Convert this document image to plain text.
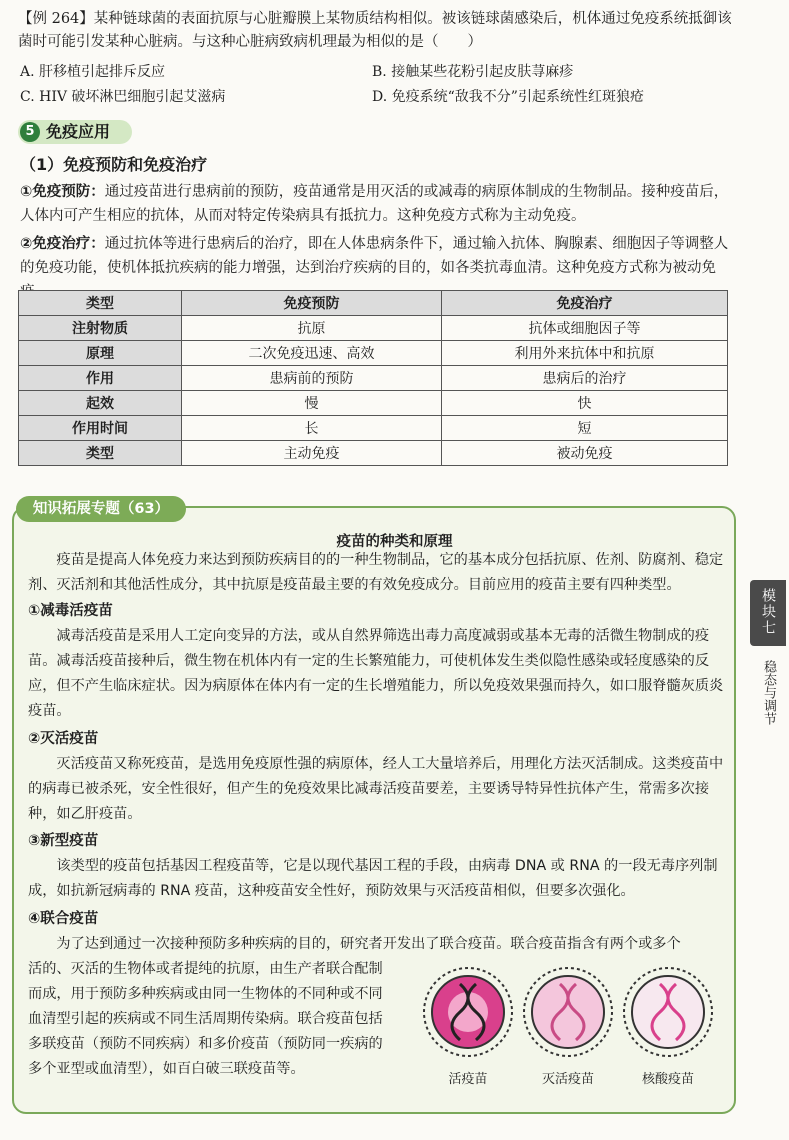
【例 264】某种链球菌的表面抗原与心脏瓣膜上某物质结构相似。被该链球菌感染后，机体通过免疫系统抵御该菌时可能引发某种心脏病。与这种心脏病致病机理最为相似的是（　　）
A. 肝移植引起排斥反应	B. 接触某些花粉引起皮肤荨麻疹
C. HIV 破坏淋巴细胞引起艾滋病	D. 免疫系统“敌我不分”引起系统性红斑狼疮
5 免疫应用
（1）免疫预防和免疫治疗
①免疫预防：通过疫苗进行患病前的预防，疫苗通常是用灭活的或减毒的病原体制成的生物制品。接种疫苗后，人体内可产生相应的抗体，从而对特定传染病具有抵抗力。这种免疫方式称为主动免疫。
②免疫治疗：通过抗体等进行患病后的治疗，即在人体患病条件下，通过输入抗体、胸腺素、细胞因子等调整人的免疫功能，使机体抵抗疾病的能力增强，达到治疗疾病的目的，如各类抗毒血清。这种免疫方式称为被动免
类型	免疫预防	免疫治疗
注射物质	抗原	抗体或细胞因子等
原理	二次免疫迅速、高效	利用外来抗体中和抗原
作用	患病前的预防	患病后的治疗
起效	慢	快
作用时间	长	短
类型	主动免疫	被动免疫
知识拓展专题（63）
疫苗的种类和原理
疫苗是提高人体免疫力来达到预防疾病目的的一种生物制品，它的基本成分包括抗原、佐剂、防腐剂、稳定剂、灭活剂和其他活性成分，其中抗原是疫苗最主要的有效免疫成分。目前应用的疫苗主要有四种类型。
①减毒活疫苗
减毒活疫苗是采用人工定向变异的方法，或从自然界筛选出毒力高度减弱或基本无毒的活微生物制成的疫苗。减毒活疫苗接种后，微生物在机体内有一定的生长繁殖能力，可使机体发生类似隐性感染或轻度感染的反应，但不产生临床症状。因为病原体在体内有一定的生长增殖能力，所以免疫效果强而持久，如口服脊髓灰质炎疫苗。
②灭活疫苗
灭活疫苗又称死疫苗，是选用免疫原性强的病原体，经人工大量培养后，用理化方法灭活制成。这类疫苗中的病毒已被杀死，安全性很好，但产生的免疫效果比减毒活疫苗要差，主要诱导特异性抗体产生，常需多次接种，如乙肝疫苗。
③新型疫苗
该类型的疫苗包括基因工程疫苗等，它是以现代基因工程的手段，由病毒 DNA 或 RNA 的一段无毒序列制成，如抗新冠病毒的 RNA 疫苗，这种疫苗安全性好，预防效果与灭活疫苗相似，但要多次强化。
④联合疫苗
为了达到通过一次接种预防多种疾病的目的，研究者开发出了联合疫苗。联合疫苗指含有两个或多个
活的、灭活的生物体或者提纯的抗原，由生产者联合配制而成，用于预防多种疾病或由同一生物体的不同种或不同血清型引起的疾病或不同生活周期传染病。联合疫苗包括多联疫苗（预防不同疾病）和多价疫苗（预防同一疾病的多个亚型或血清型），如百白破三联疫苗等。
活疫苗	灭活疫苗	核酸疫苗
模块七
稳态与调节
